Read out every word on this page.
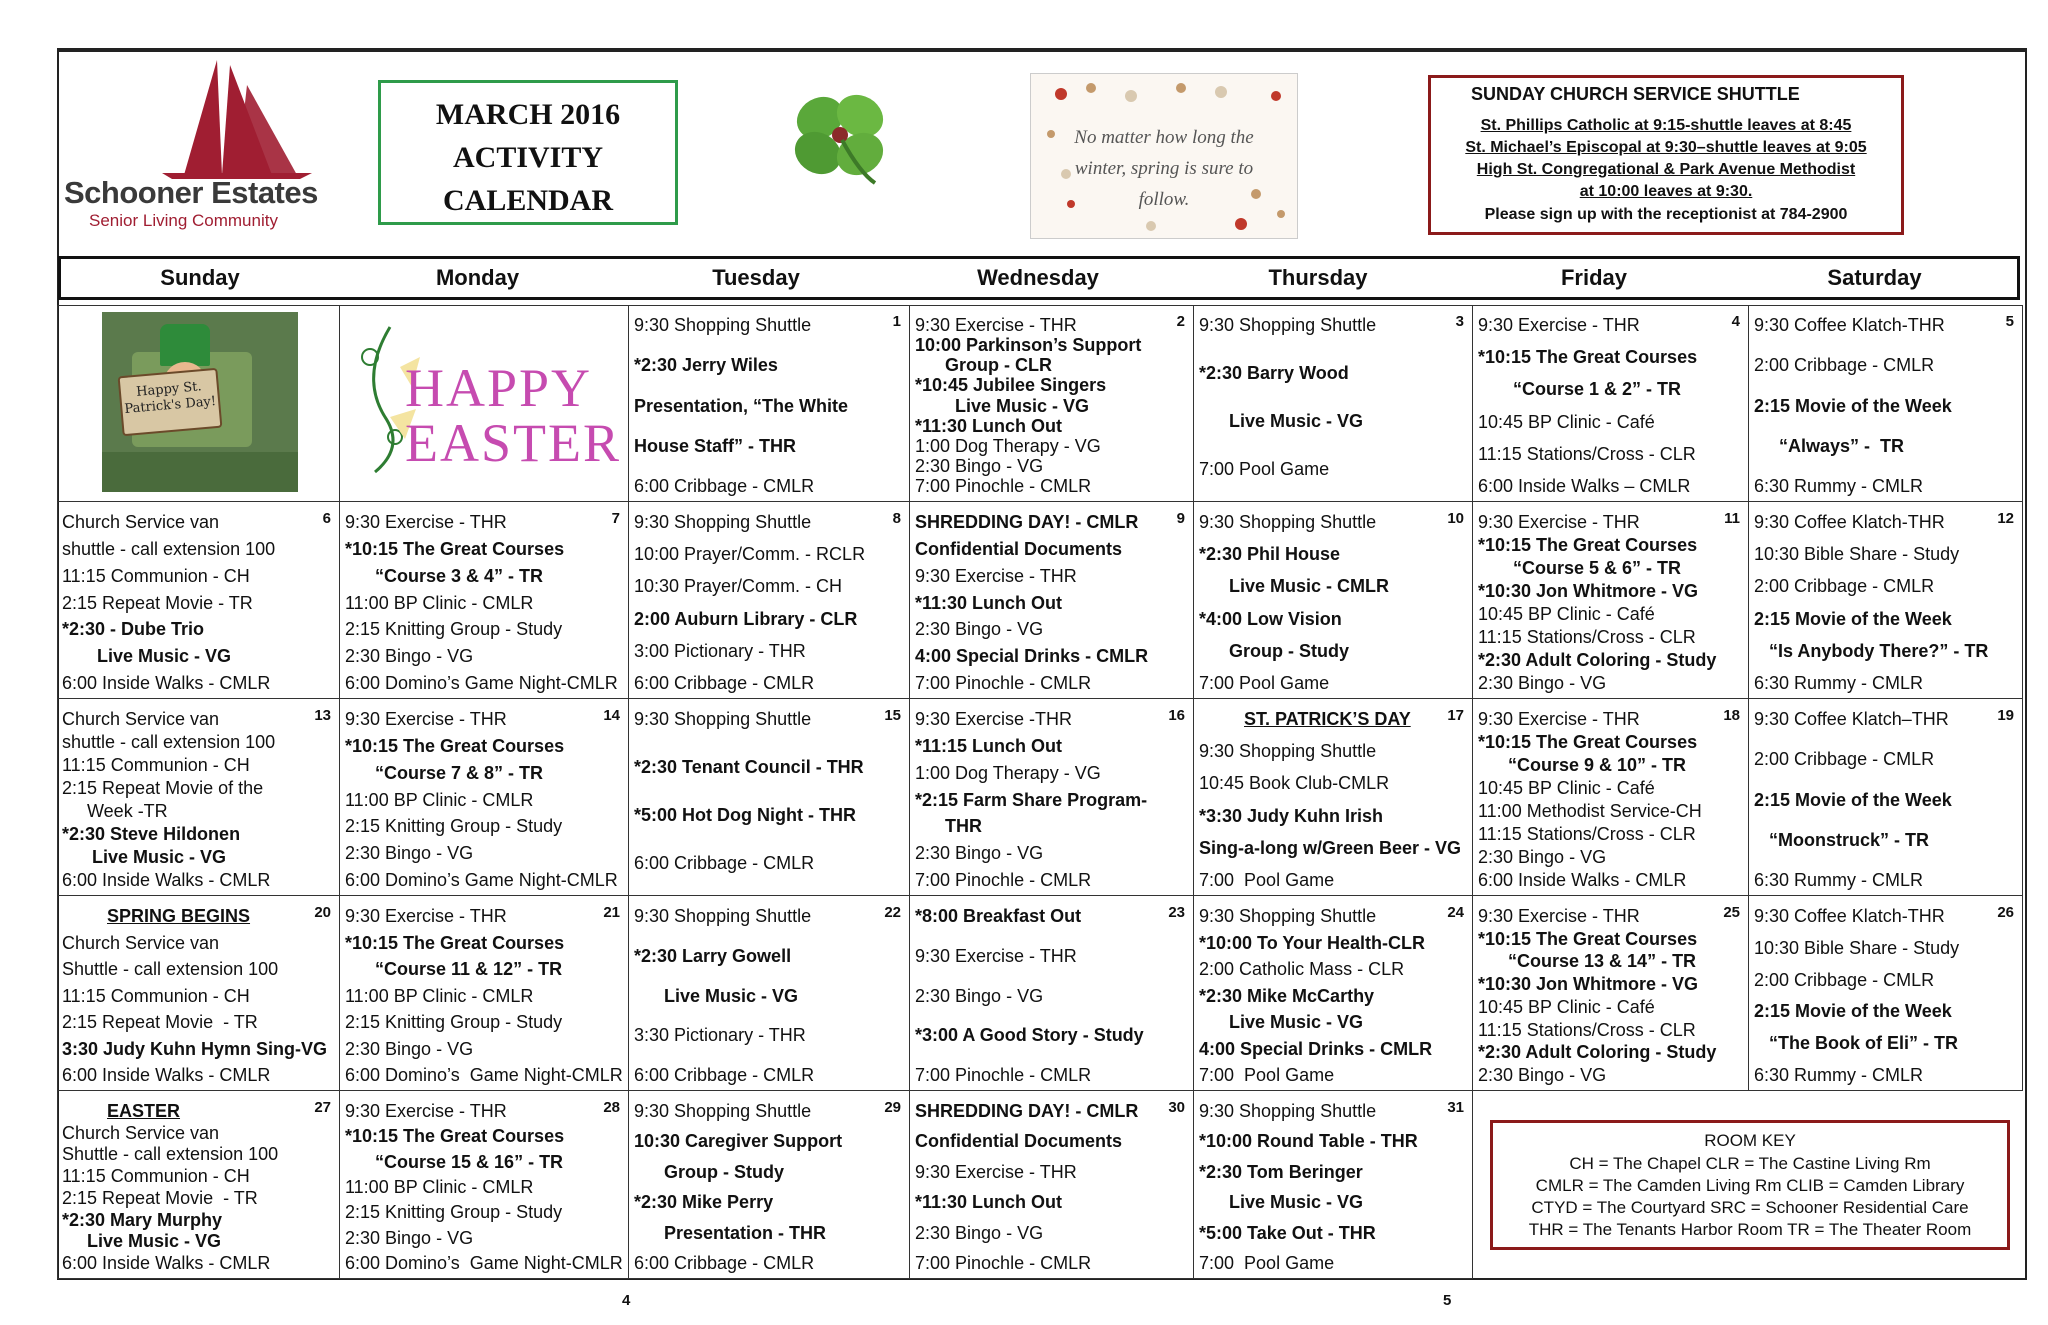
Schooner Estates
Senior Living Community
MARCH 2016
ACTIVITY
CALENDAR
No matter how long the
winter, spring is sure to
follow.
SUNDAY CHURCH SERVICE SHUTTLE
St. Phillips Catholic at 9:15-shuttle leaves at 8:45
St. Michael’s Episcopal at 9:30–shuttle leaves at 9:05
High St. Congregational & Park Avenue Methodist
at 10:00 leaves at 9:30.
Please sign up with the receptionist at 784-2900
Sunday	Monday	Tuesday	Wednesday	Thursday	Friday	Saturday
4	5
Happy St. Patrick's Day!	HAPPY
EASTER
1
9:30 Shopping Shuttle
*2:30 Jerry Wiles
Presentation, “The White
House Staff” - THR
6:00 Cribbage - CMLR
2
9:30 Exercise - THR
10:00 Parkinson’s Support
Group - CLR
*10:45 Jubilee Singers
Live Music - VG
*11:30 Lunch Out
1:00 Dog Therapy - VG
2:30 Bingo - VG
7:00 Pinochle - CMLR
3
9:30 Shopping Shuttle
*2:30 Barry Wood
Live Music - VG
7:00 Pool Game
4
9:30 Exercise - THR
*10:15 The Great Courses
“Course 1 & 2” - TR
10:45 BP Clinic - Café
11:15 Stations/Cross - CLR
6:00 Inside Walks – CMLR
5
9:30 Coffee Klatch-THR
2:00 Cribbage - CMLR
2:15 Movie of the Week
“Always” -  TR
6:30 Rummy - CMLR
6
Church Service van
shuttle - call extension 100
11:15 Communion - CH
2:15 Repeat Movie - TR
*2:30 - Dube Trio
Live Music - VG
6:00 Inside Walks - CMLR
7
9:30 Exercise - THR
*10:15 The Great Courses
“Course 3 & 4” - TR
11:00 BP Clinic - CMLR
2:15 Knitting Group - Study
2:30 Bingo - VG
6:00 Domino’s Game Night-CMLR
8
9:30 Shopping Shuttle
10:00 Prayer/Comm. - RCLR
10:30 Prayer/Comm. - CH
2:00 Auburn Library - CLR
3:00 Pictionary - THR
6:00 Cribbage - CMLR
9
SHREDDING DAY! - CMLR
Confidential Documents
9:30 Exercise - THR
*11:30 Lunch Out
2:30 Bingo - VG
4:00 Special Drinks - CMLR
7:00 Pinochle - CMLR
10
9:30 Shopping Shuttle
*2:30 Phil House
Live Music - CMLR
*4:00 Low Vision
Group - Study
7:00 Pool Game
11
9:30 Exercise - THR
*10:15 The Great Courses
“Course 5 & 6” - TR
*10:30 Jon Whitmore - VG
10:45 BP Clinic - Café
11:15 Stations/Cross - CLR
*2:30 Adult Coloring - Study
2:30 Bingo - VG
12
9:30 Coffee Klatch-THR
10:30 Bible Share - Study
2:00 Cribbage - CMLR
2:15 Movie of the Week
“Is Anybody There?” - TR
6:30 Rummy - CMLR
13
Church Service van
shuttle - call extension 100
11:15 Communion - CH
2:15 Repeat Movie of the
Week -TR
*2:30 Steve Hildonen
Live Music - VG
6:00 Inside Walks - CMLR
14
9:30 Exercise - THR
*10:15 The Great Courses
“Course 7 & 8” - TR
11:00 BP Clinic - CMLR
2:15 Knitting Group - Study
2:30 Bingo - VG
6:00 Domino’s Game Night-CMLR
15
9:30 Shopping Shuttle
*2:30 Tenant Council - THR
*5:00 Hot Dog Night - THR
6:00 Cribbage - CMLR
16
9:30 Exercise -THR
*11:15 Lunch Out
1:00 Dog Therapy - VG
*2:15 Farm Share Program-
THR
2:30 Bingo - VG
7:00 Pinochle - CMLR
17
ST. PATRICK’S DAY
9:30 Shopping Shuttle
10:45 Book Club-CMLR
*3:30 Judy Kuhn Irish
Sing-a-long w/Green Beer - VG
7:00  Pool Game
18
9:30 Exercise - THR
*10:15 The Great Courses
“Course 9 & 10” - TR
10:45 BP Clinic - Café
11:00 Methodist Service-CH
11:15 Stations/Cross - CLR
2:30 Bingo - VG
6:00 Inside Walks - CMLR
19
9:30 Coffee Klatch–THR
2:00 Cribbage - CMLR
2:15 Movie of the Week
“Moonstruck” - TR
6:30 Rummy - CMLR
20
SPRING BEGINS
Church Service van
Shuttle - call extension 100
11:15 Communion - CH
2:15 Repeat Movie  - TR
3:30 Judy Kuhn Hymn Sing-VG
6:00 Inside Walks - CMLR
21
9:30 Exercise - THR
*10:15 The Great Courses
“Course 11 & 12” - TR
11:00 BP Clinic - CMLR
2:15 Knitting Group - Study
2:30 Bingo - VG
6:00 Domino’s  Game Night-CMLR
22
9:30 Shopping Shuttle
*2:30 Larry Gowell
Live Music - VG
3:30 Pictionary - THR
6:00 Cribbage - CMLR
23
*8:00 Breakfast Out
9:30 Exercise - THR
2:30 Bingo - VG
*3:00 A Good Story - Study
7:00 Pinochle - CMLR
24
9:30 Shopping Shuttle
*10:00 To Your Health-CLR
2:00 Catholic Mass - CLR
*2:30 Mike McCarthy
Live Music - VG
4:00 Special Drinks - CMLR
7:00  Pool Game
25
9:30 Exercise - THR
*10:15 The Great Courses
“Course 13 & 14” - TR
*10:30 Jon Whitmore - VG
10:45 BP Clinic - Café
11:15 Stations/Cross - CLR
*2:30 Adult Coloring - Study
2:30 Bingo - VG
26
9:30 Coffee Klatch-THR
10:30 Bible Share - Study
2:00 Cribbage - CMLR
2:15 Movie of the Week
“The Book of Eli” - TR
6:30 Rummy - CMLR
27
EASTER
Church Service van
Shuttle - call extension 100
11:15 Communion - CH
2:15 Repeat Movie  - TR
*2:30 Mary Murphy
Live Music - VG
6:00 Inside Walks - CMLR
28
9:30 Exercise - THR
*10:15 The Great Courses
“Course 15 & 16” - TR
11:00 BP Clinic - CMLR
2:15 Knitting Group - Study
2:30 Bingo - VG
6:00 Domino’s  Game Night-CMLR
29
9:30 Shopping Shuttle
10:30 Caregiver Support
Group - Study
*2:30 Mike Perry
Presentation - THR
6:00 Cribbage - CMLR
30
SHREDDING DAY! - CMLR
Confidential Documents
9:30 Exercise - THR
*11:30 Lunch Out
2:30 Bingo - VG
7:00 Pinochle - CMLR
31
9:30 Shopping Shuttle
*10:00 Round Table - THR
*2:30 Tom Beringer
Live Music - VG
*5:00 Take Out - THR
7:00  Pool Game
ROOM KEY
CH = The Chapel CLR = The Castine Living Rm
CMLR = The Camden Living Rm CLIB = Camden Library
CTYD = The Courtyard SRC = Schooner Residential Care
THR = The Tenants Harbor Room TR = The Theater Room
